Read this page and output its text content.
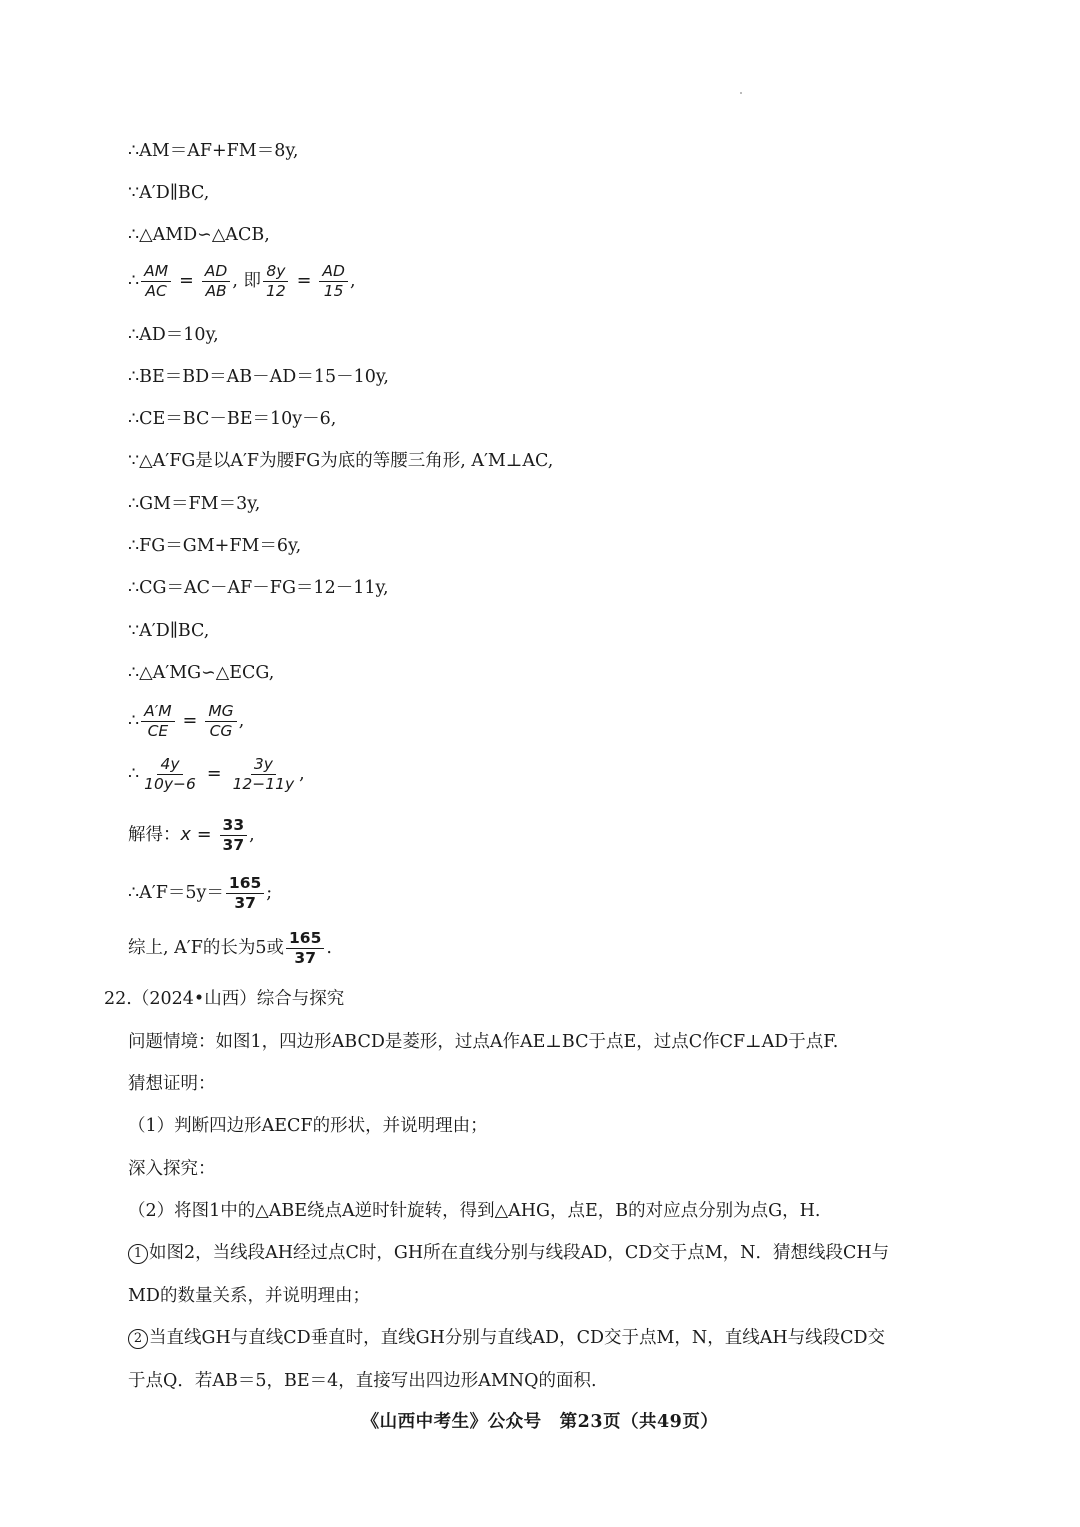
∴AM＝AF+FM＝8y,
∵A′D∥BC,
∴△AMD∽△ACB,
∴ $\frac{AM}{AC} = \frac{AD}{AB}$ , 即 $\frac{8y}{12} = \frac{AD}{15}$ ,
∴AD＝10y,
∴BE＝BD＝AB－AD＝15－10y,
∴CE＝BC－BE＝10y－6,
∵△A′FG是以A′F为腰FG为底的等腰三角形, A′M⊥AC,
∴GM＝FM＝3y,
∴FG＝GM+FM＝6y,
∴CG＝AC－AF－FG＝12－11y,
∵A′D∥BC,
∴△A′MG∽△ECG,
∴ $\frac{A'M}{CE} = \frac{MG}{CG}$ ,
∴ $\frac{4y}{10y-6} = \frac{3y}{12-11y}$ ,
解得：$x = \frac{33}{37}$ ,
∴A′F＝5y＝ $\frac{165}{37}$ ;
综上, A′F的长为5或 $\frac{165}{37}$ .
22.（2024•山西）综合与探究
问题情境：如图1，四边形ABCD是菱形，过点A作AE⊥BC于点E，过点C作CF⊥AD于点F.
猜想证明：
（1）判断四边形AECF的形状，并说明理由；
深入探究：
（2）将图1中的△ABE绕点A逆时针旋转，得到△AHG，点E，B的对应点分别为点G，H.
1 如图2，当线段AH经过点C时，GH所在直线分别与线段AD，CD交于点M，N．猜想线段CH与
MD的数量关系，并说明理由；
2 当直线GH与直线CD垂直时，直线GH分别与直线AD，CD交于点M，N，直线AH与线段CD交
于点Q．若AB＝5，BE＝4，直接写出四边形AMNQ的面积.
《山西中考生》公众号　第23页（共49页）
